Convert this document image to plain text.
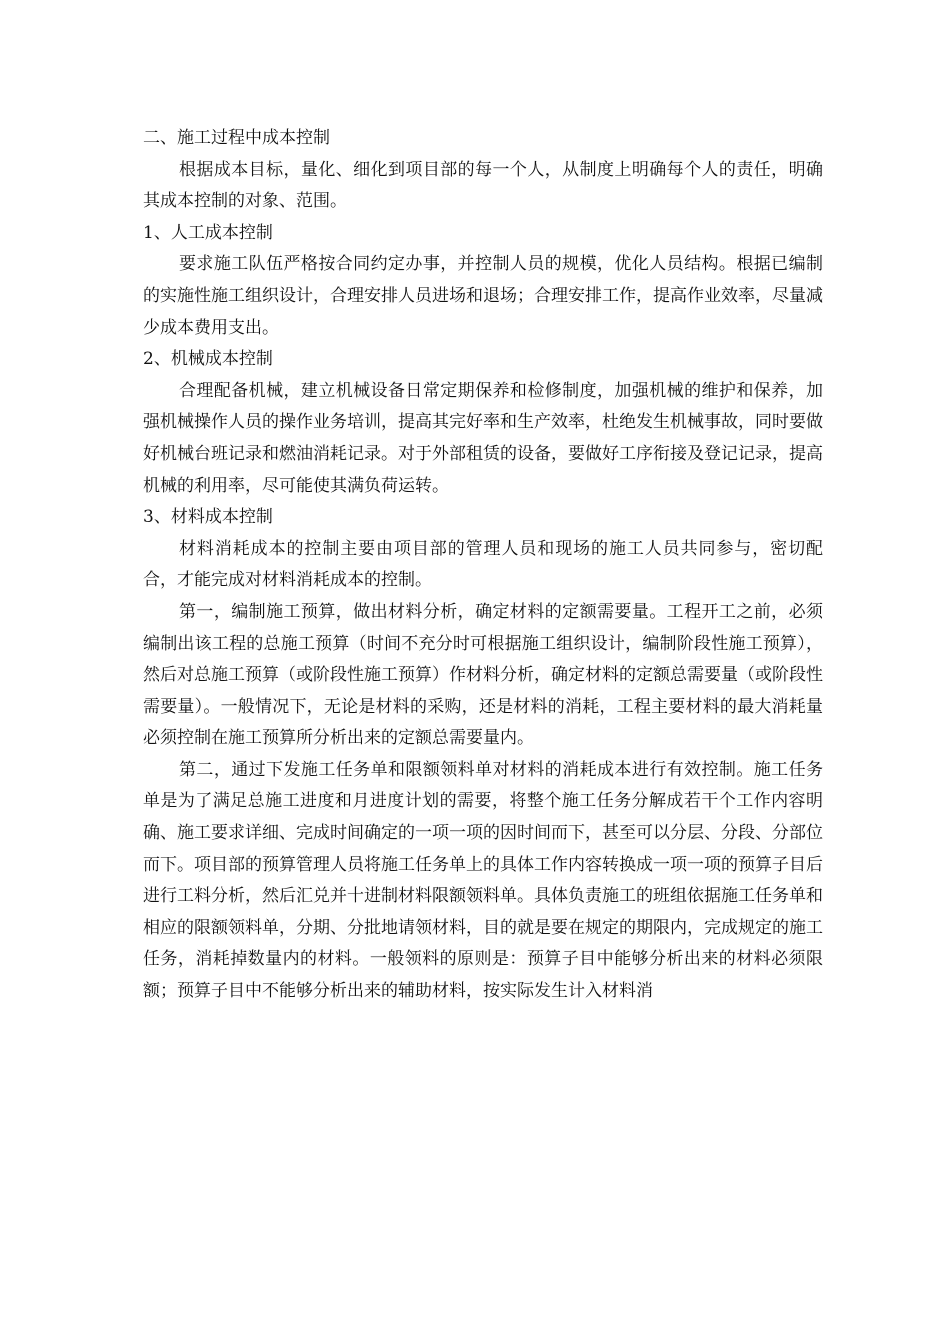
二、施工过程中成本控制

根据成本目标，量化、细化到项目部的每一个人，从制度上明确每个人的责任，明确其成本控制的对象、范围。

1、人工成本控制

要求施工队伍严格按合同约定办事，并控制人员的规模，优化人员结构。根据已编制的实施性施工组织设计，合理安排人员进场和退场；合理安排工作，提高作业效率，尽量减少成本费用支出。

2、机械成本控制

合理配备机械，建立机械设备日常定期保养和检修制度，加强机械的维护和保养，加强机械操作人员的操作业务培训，提高其完好率和生产效率，杜绝发生机械事故，同时要做好机械台班记录和燃油消耗记录。对于外部租赁的设备，要做好工序衔接及登记记录，提高机械的利用率，尽可能使其满负荷运转。

3、材料成本控制

材料消耗成本的控制主要由项目部的管理人员和现场的施工人员共同参与，密切配合，才能完成对材料消耗成本的控制。

第一，编制施工预算，做出材料分析，确定材料的定额需要量。工程开工之前，必须编制出该工程的总施工预算（时间不充分时可根据施工组织设计，编制阶段性施工预算），然后对总施工预算（或阶段性施工预算）作材料分析，确定材料的定额总需要量（或阶段性需要量）。一般情况下，无论是材料的采购，还是材料的消耗，工程主要材料的最大消耗量必须控制在施工预算所分析出来的定额总需要量内。

第二，通过下发施工任务单和限额领料单对材料的消耗成本进行有效控制。施工任务单是为了满足总施工进度和月进度计划的需要，将整个施工任务分解成若干个工作内容明确、施工要求详细、完成时间确定的一项一项的因时间而下，甚至可以分层、分段、分部位而下。项目部的预算管理人员将施工任务单上的具体工作内容转换成一项一项的预算子目后进行工料分析，然后汇兑并十进制材料限额领料单。具体负责施工的班组依据施工任务单和相应的限额领料单，分期、分批地请领材料，目的就是要在规定的期限内，完成规定的施工任务，消耗掉数量内的材料。一般领料的原则是：预算子目中能够分析出来的材料必须限额；预算子目中不能够分析出来的辅助材料，按实际发生计入材料消
